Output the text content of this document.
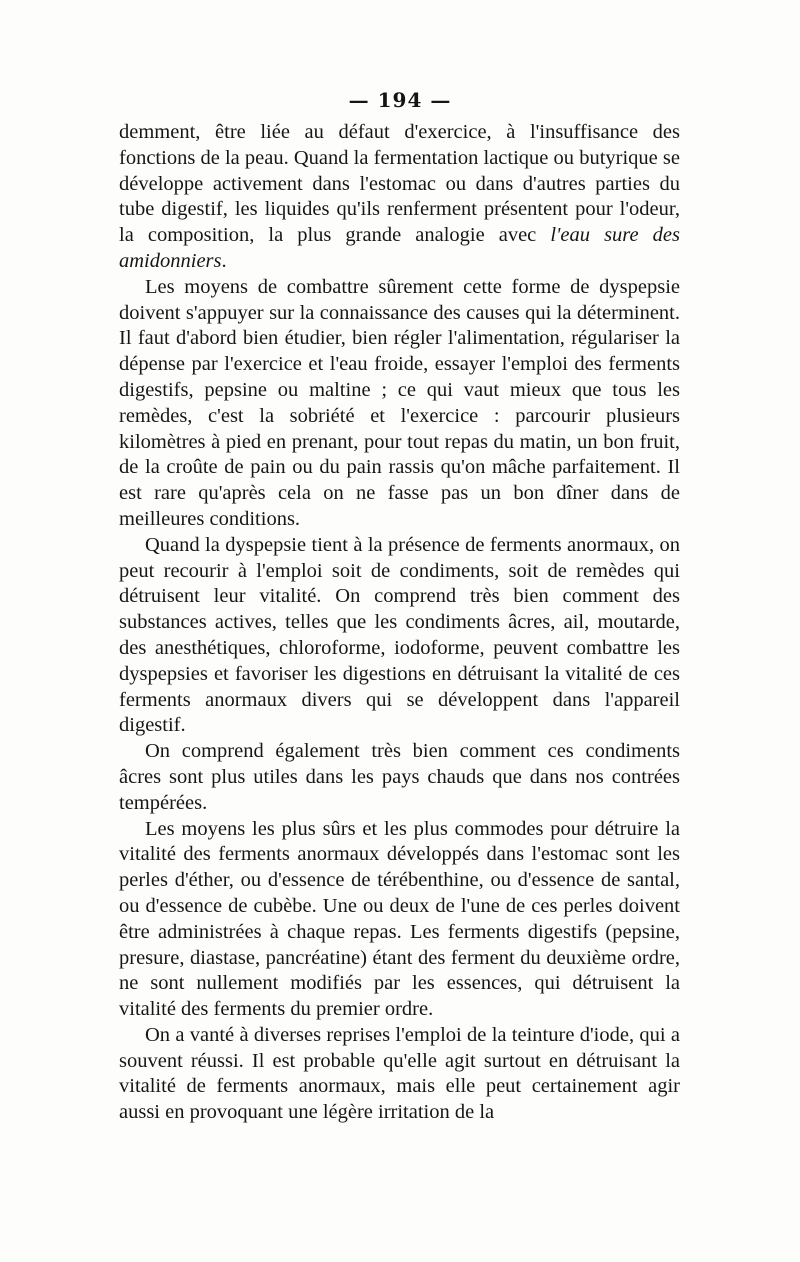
— 194 —

demment, être liée au défaut d'exercice, à l'insuffisance des fonctions de la peau. Quand la fermentation lactique ou butyrique se développe activement dans l'estomac ou dans d'autres parties du tube digestif, les liquides qu'ils renferment présentent pour l'odeur, la composition, la plus grande analogie avec l'eau sure des amidonniers.

Les moyens de combattre sûrement cette forme de dyspepsie doivent s'appuyer sur la connaissance des causes qui la déterminent. Il faut d'abord bien étudier, bien régler l'alimentation, régulariser la dépense par l'exercice et l'eau froide, essayer l'emploi des ferments digestifs, pepsine ou maltine ; ce qui vaut mieux que tous les remèdes, c'est la sobriété et l'exercice : parcourir plusieurs kilomètres à pied en prenant, pour tout repas du matin, un bon fruit, de la croûte de pain ou du pain rassis qu'on mâche parfaitement. Il est rare qu'après cela on ne fasse pas un bon dîner dans de meilleures conditions.

Quand la dyspepsie tient à la présence de ferments anormaux, on peut recourir à l'emploi soit de condiments, soit de remèdes qui détruisent leur vitalité. On comprend très bien comment des substances actives, telles que les condiments âcres, ail, moutarde, des anesthétiques, chloroforme, iodoforme, peuvent combattre les dyspepsies et favoriser les digestions en détruisant la vitalité de ces ferments anormaux divers qui se développent dans l'appareil digestif.

On comprend également très bien comment ces condiments âcres sont plus utiles dans les pays chauds que dans nos contrées tempérées.

Les moyens les plus sûrs et les plus commodes pour détruire la vitalité des ferments anormaux développés dans l'estomac sont les perles d'éther, ou d'essence de térébenthine, ou d'essence de santal, ou d'essence de cubèbe. Une ou deux de l'une de ces perles doivent être administrées à chaque repas. Les ferments digestifs (pepsine, presure, diastase, pancréatine) étant des ferment du deuxième ordre, ne sont nullement modifiés par les essences, qui détruisent la vitalité des ferments du premier ordre.

On a vanté à diverses reprises l'emploi de la teinture d'iode, qui a souvent réussi. Il est probable qu'elle agit surtout en détruisant la vitalité de ferments anormaux, mais elle peut certainement agir aussi en provoquant une légère irritation de la
